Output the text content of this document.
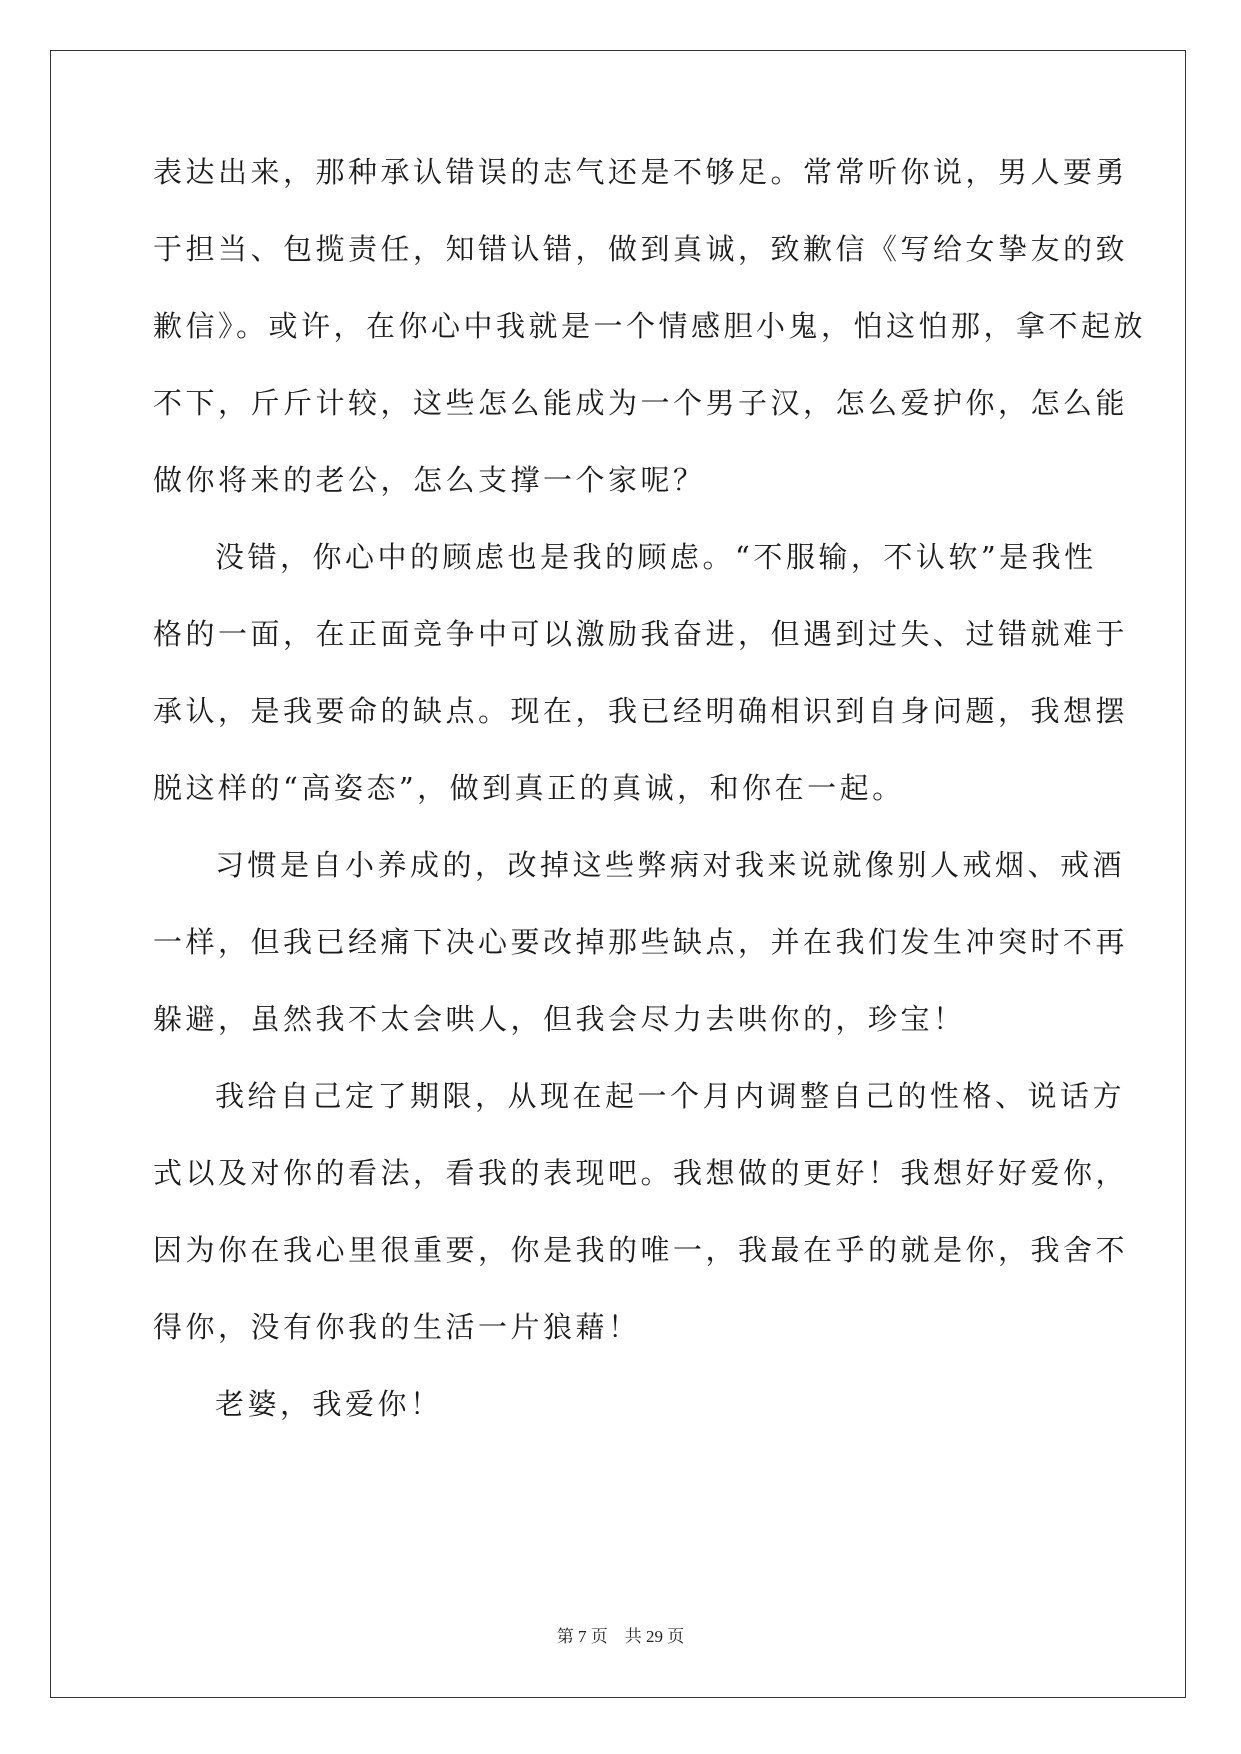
表达出来，那种承认错误的志气还是不够足。常常听你说，男人要勇
于担当、包揽责任，知错认错，做到真诚，致歉信《写给女挚友的致
歉信》。或许，在你心中我就是一个情感胆小鬼，怕这怕那，拿不起放
不下，斤斤计较，这些怎么能成为一个男子汉，怎么爱护你，怎么能
做你将来的老公，怎么支撑一个家呢？
没错，你心中的顾虑也是我的顾虑。“不服输，不认软”是我性
格的一面，在正面竞争中可以激励我奋进，但遇到过失、过错就难于
承认，是我要命的缺点。现在，我已经明确相识到自身问题，我想摆
脱这样的“高姿态”，做到真正的真诚，和你在一起。
习惯是自小养成的，改掉这些弊病对我来说就像别人戒烟、戒酒
一样，但我已经痛下决心要改掉那些缺点，并在我们发生冲突时不再
躲避，虽然我不太会哄人，但我会尽力去哄你的，珍宝！
我给自己定了期限，从现在起一个月内调整自己的性格、说话方
式以及对你的看法，看我的表现吧。我想做的更好！我想好好爱你，
因为你在我心里很重要，你是我的唯一，我最在乎的就是你，我舍不
得你，没有你我的生活一片狼藉！
老婆，我爱你！
第 7 页    共 29 页
